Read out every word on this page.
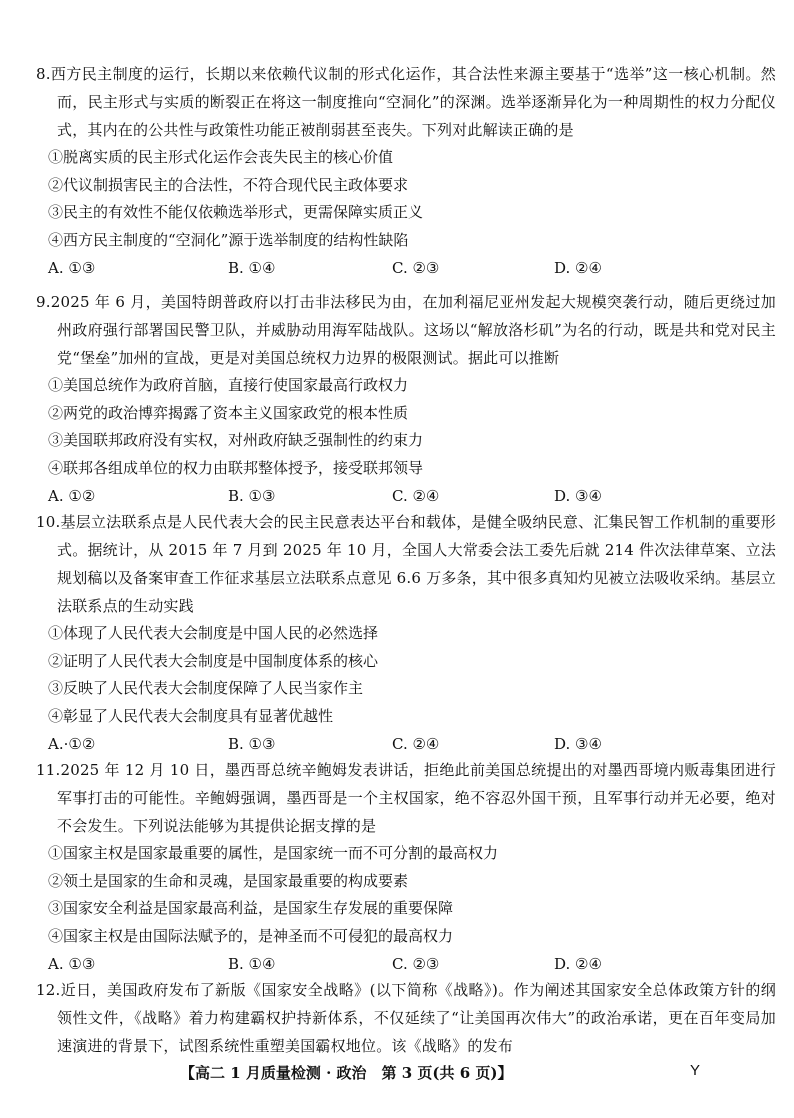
8.西方民主制度的运行，长期以来依赖代议制的形式化运作，其合法性来源主要基于“选举”这一核心机制。然而，民主形式与实质的断裂正在将这一制度推向“空洞化”的深渊。选举逐渐异化为一种周期性的权力分配仪式，其内在的公共性与政策性功能正被削弱甚至丧失。下列对此解读正确的是

①脱离实质的民主形式化运作会丧失民主的核心价值

②代议制损害民主的合法性，不符合现代民主政体要求

③民主的有效性不能仅依赖选举形式，更需保障实质正义

④西方民主制度的“空洞化”源于选举制度的结构性缺陷

A. ①③	B. ①④	C. ②③	D. ②④

9.2025 年 6 月，美国特朗普政府以打击非法移民为由，在加利福尼亚州发起大规模突袭行动，随后更绕过加州政府强行部署国民警卫队，并威胁动用海军陆战队。这场以“解放洛杉矶”为名的行动，既是共和党对民主党“堡垒”加州的宣战，更是对美国总统权力边界的极限测试。据此可以推断

①美国总统作为政府首脑，直接行使国家最高行政权力

②两党的政治博弈揭露了资本主义国家政党的根本性质

③美国联邦政府没有实权，对州政府缺乏强制性的约束力

④联邦各组成单位的权力由联邦整体授予，接受联邦领导

A. ①②	B. ①③	C. ②④	D. ③④

10.基层立法联系点是人民代表大会的民主民意表达平台和载体，是健全吸纳民意、汇集民智工作机制的重要形式。据统计，从 2015 年 7 月到 2025 年 10 月，全国人大常委会法工委先后就 214 件次法律草案、立法规划稿以及备案审查工作征求基层立法联系点意见 6.6 万多条，其中很多真知灼见被立法吸收采纳。基层立法联系点的生动实践

①体现了人民代表大会制度是中国人民的必然选择

②证明了人民代表大会制度是中国制度体系的核心

③反映了人民代表大会制度保障了人民当家作主

④彰显了人民代表大会制度具有显著优越性

A.·①②	B. ①③	C. ②④	D. ③④

11.2025 年 12 月 10 日，墨西哥总统辛鲍姆发表讲话，拒绝此前美国总统提出的对墨西哥境内贩毒集团进行军事打击的可能性。辛鲍姆强调，墨西哥是一个主权国家，绝不容忍外国干预，且军事行动并无必要，绝对不会发生。下列说法能够为其提供论据支撑的是

①国家主权是国家最重要的属性，是国家统一而不可分割的最高权力

②领土是国家的生命和灵魂，是国家最重要的构成要素

③国家安全利益是国家最高利益，是国家生存发展的重要保障

④国家主权是由国际法赋予的，是神圣而不可侵犯的最高权力

A. ①③	B. ①④	C. ②③	D. ②④

12.近日，美国政府发布了新版《国家安全战略》(以下简称《战略》)。作为阐述其国家安全总体政策方针的纲领性文件，《战略》着力构建霸权护持新体系，不仅延续了“让美国再次伟大”的政治承诺，更在百年变局加速演进的背景下，试图系统性重塑美国霸权地位。该《战略》的发布

【高二 1 月质量检测 · 政治　第 3 页(共 6 页)】	Y
